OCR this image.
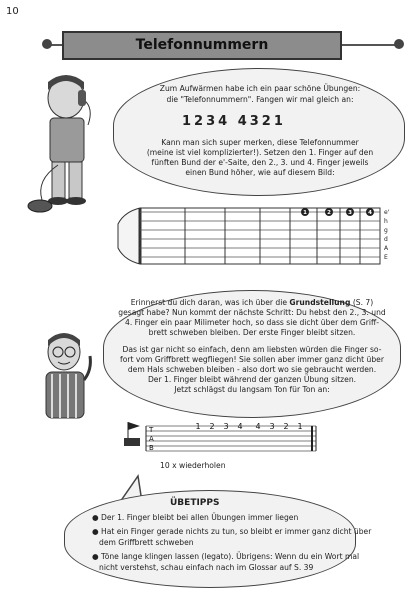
10
Telefonnummern
Zum Aufwärmen habe ich ein paar schöne Übungen:
die "Telefonnummern". Fangen wir mal gleich an:
1234 4321
Kann man sich super merken, diese Telefonnummer
(meine ist viel komplizierter!). Setzen den 1. Finger auf den
fünften Bund der e'-Saite, den 2., 3. und 4. Finger jeweils
einen Bund höher, wie auf diesem Bild:
1	2	3	4 e'
h
g
d
A
E
Erinnerst du dich daran, was ich über die Grundstellung (S. 7)
gesagt habe? Nun kommt der nächste Schritt: Du hebst den 2., 3. und
4. Finger ein paar Milimeter hoch, so dass sie dicht über dem Griff-
brett schweben bleiben. Der erste Finger bleibt sitzen.
Das ist gar nicht so einfach, denn am liebsten würden die Finger so-
fort vom Griffbrett wegfliegen! Sie sollen aber immer ganz dicht über
dem Hals schweben bleiben - also dort wo sie gebraucht werden.
Der 1. Finger bleibt während der ganzen Übung sitzen.
Jetzt schlägst du langsam Ton für Ton an:
T
A
B
1 2 3 4 4 3 2 1
10 x wiederholen
ÜBETIPPS
● Der 1. Finger bleibt bei allen Übungen immer liegen
● Hat ein Finger gerade nichts zu tun, so bleibt er immer ganz dicht über
dem Griffbrett schweben
● Töne lange klingen lassen (legato). Übrigens: Wenn du ein Wort mal
nicht verstehst, schau einfach nach im Glossar auf S. 39
